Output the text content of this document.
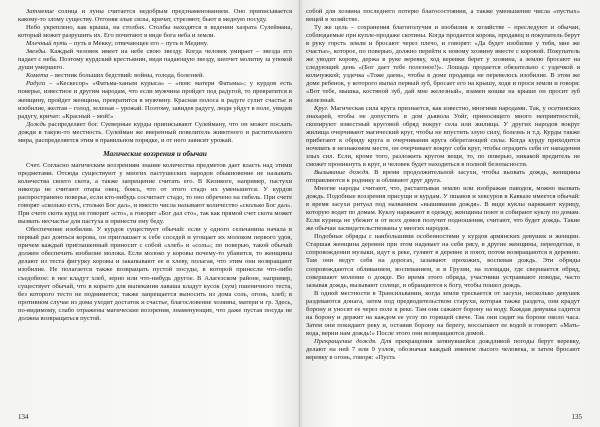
Затмение солнца и луны считается недобрым предзнаменованием. Оно приписывается какому-то злому существу. Отгоняя злые силы, кричат, стреляют, бьют в медную посуду.

Небо укреплено, как крыша, на столбах. Столбы находятся в ведении хазрата Сулеймана, который может разрушить их. Его почитают в виде бога неба и земли.

Млечный путь – путь в Мекку; отвечающее его – путь в Медину.

Звезды. Каждый человек имеет на небе свою звезду. Когда человек умирает – звезда его падает с неба. Поэтому курдский крестьянин, видя падающую звезду, шепчет молитву за упокой души умершего.

Комета – вестник больших бедствий: войны, голода, болезней.

Радуга – «Кескесор» «Фатьма-ханым курыса» – «пояс матери Фатьмы»; у курдов есть поверье, известное и другим народам, что если мужчина пройдет под радугой, то превратится в женщину, пройдет женщина, превратится в мужчину. Красная полоса в радуге сулит счастье и изобилие, желтая – голод, зеленая – урожай. Поэтому, завидев радугу, люди уйдут в поле, увидев радугу, кричат: «Красный – мой!»

Дождь распределяет бог. Суеверные курды приписывают Сулейману, что он может послать дожди в такую-то местность. Сулейман же вверенный повелитель животного и растительного мира, распределяется этим в правильном порядке, и от него зависят урожай.

Магические воззрения и обычаи

Счет. Согласно магическим воззрениям знание количества предметов дает власть над этими предметами. Отсюда существуют у многих пастушеских народов обыкновение не называть количества своего скота, а также запрещение считать его. В Кизикоге, например, пастухи никогда не считают отары овец, боясь, что от этого стадо их уменьшится. У курдов распространено поверье, если кто-нибудь сосчитает стадо, то оно обречено на гибель. При счете говорят «сколько есть, столько Бог дал», и вместо числа называют количество «сколько Бог дал». При счете скота курд не говорит «сто», а говорит «Бог дал сто», так как прямой счет скота может вызвать несчастье для пастуха и принести ему беду.

Обеспечение изобилия. У курдов существует обычай: если у одного сельчанина начала в первый раз доиться корова, он приглашает к себе соседей и угощает их молоком первого удоя, причем каждый приглашенный приносит с собой «хлеб» и «соль»; по поверью, такой обычай должен обеспечить изобилие молока. Если молоко у коровы почему-то убавится, то женщины делают из теста фигурку коровы и закапывают ее в хлеву, полагая, что этим они возвращают изобилие. Не полагается также возвращать пустой посуды, в которой принесли что-либо съедобное: в нее кладут хлеб, зерно или что-нибудь другое. В Алагезском районе, например, существует обычай, что в корыто для выпекания лаваша кладут кусок (хум) пшеничного теста, без которого тесто не поднимется; также запрещается выносить из дома соль, огонь, хлеб; в противном случае из дома уходят достаток и счастье, благословение хозяина, матери и гр. Здесь, по-видимому, слабо отражены магические воззрения, знаменующие, что даже пустая посуда не должна возвращаться пустой.

134

собой для хозяина последнего потерю благосостояния, а также уменьшение числа «пустых» вещей в хозяйстве.

Ту же цель – сохранения благополучия и изобилия в хозяйстве – преследуют и обычаи, соблюдаемые при купле-продаже скотины. Когда продается корова, продавец и покупатель берут в руку горсть земли и бросают через плечо, и говорят: «Да будет изобилие у тебя, мне же счастье», которое, по поверью, должно перейти к новому хозяину вместе с коровой. Покупатель же уводит корову, держа в руке веревку, ход веревки берет у хозяина, а землю бросают на следующий день «(Бог дает тебе полезное!)». Лошадь продается обязательно с уздечкой и кольчужкой; уздечка «Тоже даем», чтобы в доме продавца не перевелось изобилие. В этом же доме ребенок, у которого выпал первый зуб, бросает его на крышу, ходя и прося земли и говоря: «Вот тебе, мышка, костяной зуб, дай мне железный», взамен кошке на крыше он просит зуб железный.

Круг. Магическая сила круга признается, как известно, многими народами. Так, у осетинских знахарей, чтобы не допустить в дом дьявола Уойг, приносящего много неприятностей, скопируют известный круговой обряд вокруг села или жилища. У других народов вокруг жилища очерчивают магический круг, чтобы не впустить злую силу, болезнь и т.д. Курды также прибегают к обряду круга и очерчивания круга оберегающей силы. Когда курду приходится ночевать в незнакомом месте, он очерчивает вокруг себя круг, чтобы оградить себя от нападения злых сил. Если, кроме того, разложить кругом вещи, то, по поверью, никакой вредитель не сможет проникнуть в круг, и человек будет находиться в полной безопасности.

Вызывание дождя. В время продолжительной засухи, чтобы вызвать дождь, женщины отправляются к роднику и обливают друг друга.

Многие народы считают, что, растаптывая землю или изображая паводок, можно вызвать дождь. Подобные воззрения присущи и курдам. У пшавов и хевсуров в Кавказе имеется обычай: в время засухи ритуал под названием «вышивания дождя». В виде куклы наряжают курицу, которую водят по домам. Куклу наряжают в одежду, женщины поют и собирают куклу по домам. Если курица не убежит и от всех домов получит подношения, считают, что будет дождь. Такие же обычаи засвидетельствованы у многих народов.

Подобные обряды с наибольшими особенностями у курдов армянских девушек и женщин. Старшая женщина деревни при этом надевает на себя рясу, в другие женщины, переодетые, в сопровождении музыки, идут к реке, гуляют в деревне и поют, потом возвращаются в деревню. Там они ведут себя на дорогах, зазывают прохожих, воспевая дождь. Эти обряды сопровождаются обливанием, воспеванием, и в Грузии, на площади, где свершается обряд, совершают моление о дожде. Во время этого обряда, участники устраивают поводы, часто зазывая дождь, вызывают солнце, и обращаются к богу, чтобы пошел дождь.

В одной местности в Трансильвании, когда земля трескается от засухи, несколько девушек раздеваются донага, затем под предводительством старухи, которая также раздета, они крадут борону и уносят ее через поле к реке. Там они сажают борону на воду. Каждая девушка садится на борону и держит на каждом ее углу по горящей свече. Так они сидят на бороне около часа. Затем они покидают реку и, оставив борону на берегу, воссыпают ее водой и говорят: «Мать-вода, верни нам дождь!» После этого они возвращаются домой.

Прекращение дождя. Для прекращения затянувшейся дождливой погоды берут веревку, делают на ней 7 или 9 узлов, обозначая каждый именем лысого человека, и затем бросают веревку в огонь, говоря: «Пусть

135
